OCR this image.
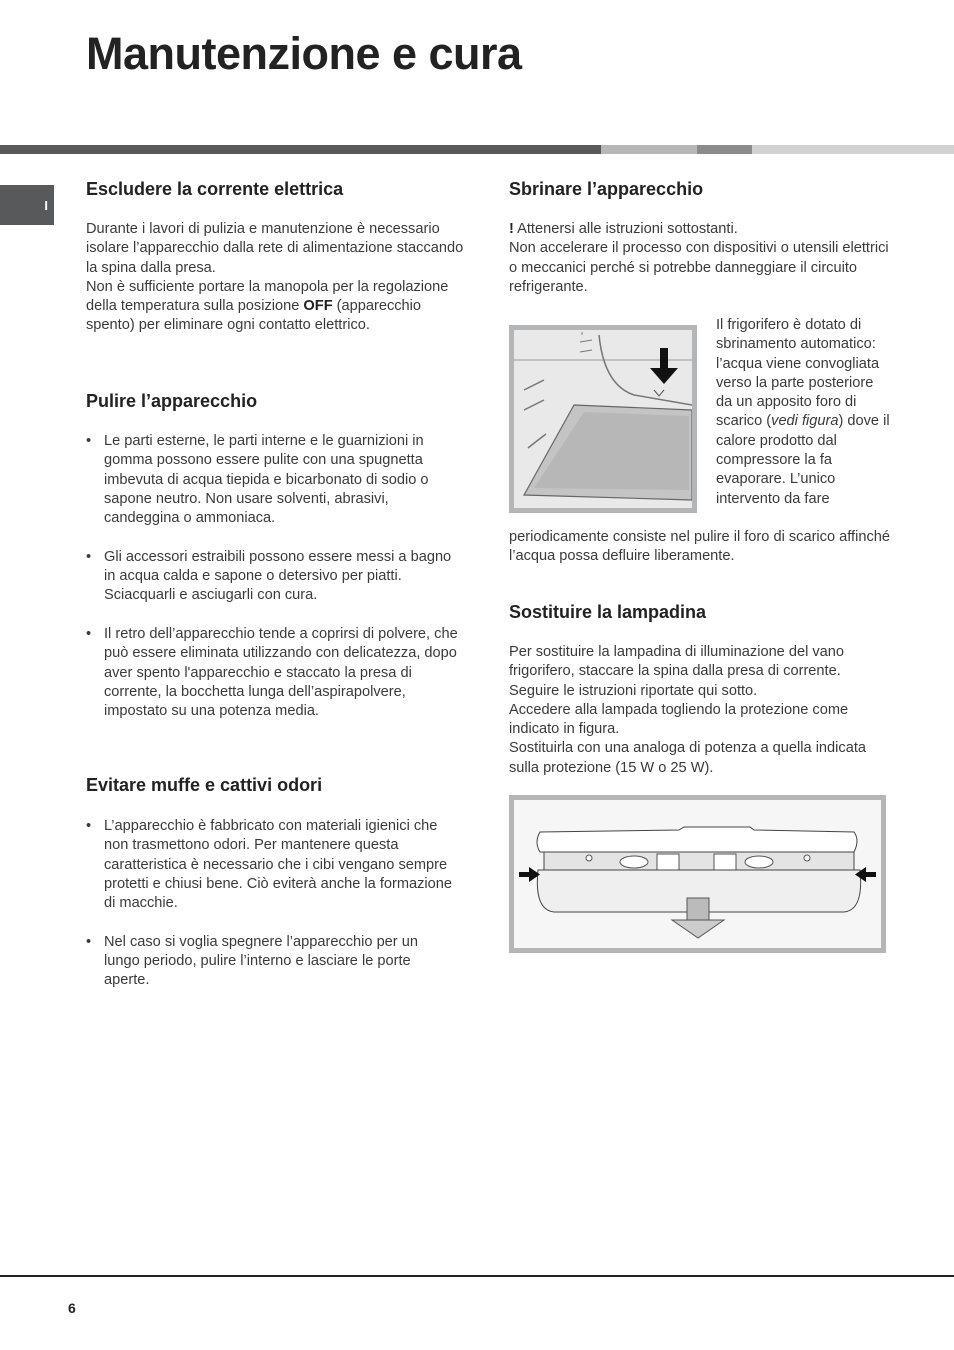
Manutenzione e cura
I
Escludere la corrente elettrica

Durante i lavori di pulizia e manutenzione è necessario isolare l’apparecchio dalla rete di alimentazione staccando la spina dalla presa.

Non è sufficiente portare la manopola per la regolazione della temperatura sulla posizione OFF (apparecchio spento) per eliminare ogni contatto elettrico.

Pulire l’apparecchio
• Le parti esterne, le parti interne e le guarnizioni in gomma possono essere pulite con una spugnetta imbevuta di acqua tiepida e bicarbonato di sodio o sapone neutro. Non usare solventi, abrasivi, candeggina o ammoniaca.
• Gli accessori estraibili possono essere messi a bagno in acqua calda e sapone o detersivo per piatti. Sciacquarli e asciugarli con cura.
• Il retro dell’apparecchio tende a coprirsi di polvere, che può essere eliminata utilizzando con delicatezza, dopo aver spento l'apparecchio e staccato la presa di corrente, la bocchetta lunga dell’aspirapolvere, impostato su una potenza media.
Evitare muffe e cattivi odori
• L’apparecchio è fabbricato con materiali igienici che non trasmettono odori. Per mantenere questa caratteristica è necessario che i cibi vengano sempre protetti e chiusi bene. Ciò eviterà anche la formazione di macchie.
• Nel caso si voglia spegnere l’apparecchio per un lungo periodo, pulire l’interno e lasciare le porte aperte.
Sbrinare l’apparecchio

! Attenersi alle istruzioni sottostanti.

Non accelerare il processo con dispositivi o utensili elettrici o meccanici perché si potrebbe danneggiare il circuito refrigerante.

Il frigorifero è dotato di sbrinamento automatico: l’acqua viene convogliata verso la parte posteriore da un apposito foro di scarico (vedi figura) dove il calore prodotto dal compressore la fa evaporare. L’unico intervento da fare

periodicamente consiste nel pulire il foro di scarico affinché l’acqua possa defluire liberamente.
Sostituire la lampadina

Per sostituire la lampadina di illuminazione del vano frigorifero, staccare la spina dalla presa di corrente.

Seguire le istruzioni riportate qui sotto.

Accedere alla lampada togliendo la protezione come indicato in figura.

Sostituirla con una analoga di potenza a quella indicata sulla protezione (15 W o 25 W).

6
